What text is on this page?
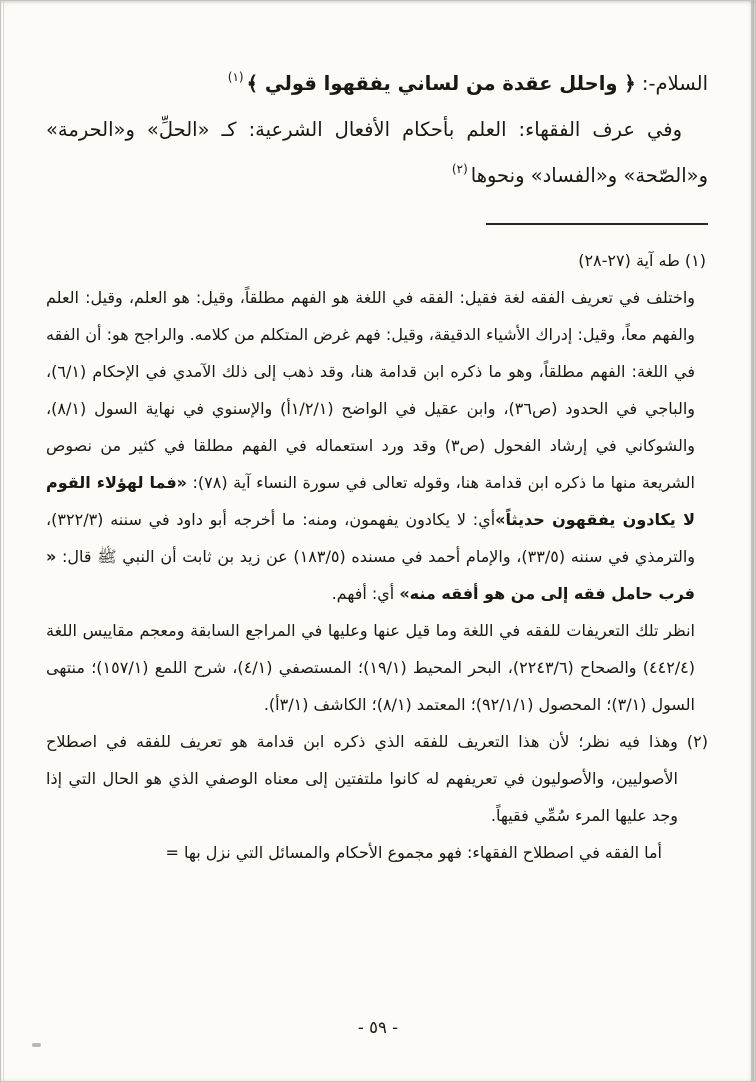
السلام-: ﴿ واحلل عقدة من لساني يفقهوا قولي ﴾$^{(١)}$

وفي عرف الفقهاء: العلم بأحكام الأفعال الشرعية: كـ «الحلِّ» و«الحرمة» و«الصّحة» و«الفساد» ونحوها$^{(٢)}$

(١) طه آية (٢٧-٢٨)

واختلف في تعريف الفقه لغة فقيل: الفقه في اللغة هو الفهم مطلقاً، وقيل: هو العلم، وقيل: العلم والفهم معاً، وقيل: إدراك الأشياء الدقيقة، وقيل: فهم غرض المتكلم من كلامه. والراجح هو: أن الفقه في اللغة: الفهم مطلقاً، وهو ما ذكره ابن قدامة هنا، وقد ذهب إلى ذلك الآمدي في الإحكام (٦/١)، والباجي في الحدود (ص٣٦)، وابن عقيل في الواضح (١/٢/١أ) والإسنوي في نهاية السول (٨/١)، والشوكاني في إرشاد الفحول (ص٣) وقد ورد استعماله في الفهم مطلقا في كثير من نصوص الشريعة منها ما ذكره ابن قدامة هنا، وقوله تعالى في سورة النساء آية (٧٨): «فما لهؤلاء القوم لا يكادون يفقهون حديثاً»أي: لا يكادون يفهمون، ومنه: ما أخرجه أبو داود في سننه (٣٢٢/٣)، والترمذي في سننه (٣٣/٥)، والإمام أحمد في مسنده (١٨٣/٥) عن زيد بن ثابت أن النبي ﷺ قال: « فرب حامل فقه إلى من هو أفقه منه» أي: أفهم.

انظر تلك التعريفات للفقه في اللغة وما قيل عنها وعليها في المراجع السابقة ومعجم مقاييس اللغة (٤٤٢/٤) والصحاح (٢٢٤٣/٦)، البحر المحيط (١٩/١)؛ المستصفي (٤/١)، شرح اللمع (١٥٧/١)؛ منتهى السول (٣/١)؛ المحصول (٩٢/١/١)؛ المعتمد (٨/١)؛ الكاشف (٣/١أ).

(٢) وهذا فيه نظر؛ لأن هذا التعريف للفقه الذي ذكره ابن قدامة هو تعريف للفقه في اصطلاح الأصوليين، والأصوليون في تعريفهم له كانوا ملتفتين إلى معناه الوصفي الذي هو الحال التي إذا وجد عليها المرء سُمِّي فقيهاً.

أما الفقه في اصطلاح الفقهاء: فهو مجموع الأحكام والمسائل التي نزل بها =

- ٥٩ -
